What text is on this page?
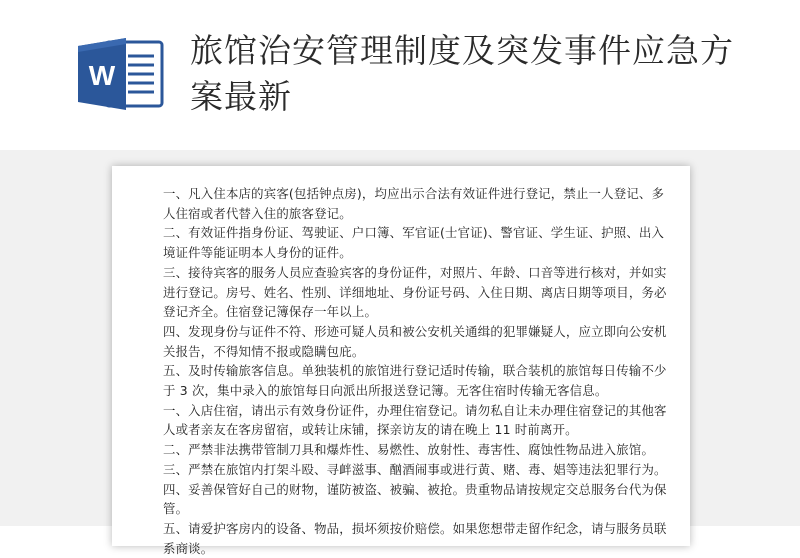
W
旅馆治安管理制度及突发事件应急方案最新

一、凡入住本店的宾客(包括钟点房)，均应出示合法有效证件进行登记，禁止一人登记、多人住宿或者代替入住的旅客登记。

二、有效证件指身份证、驾驶证、户口簿、军官证(士官证)、警官证、学生证、护照、出入境证件等能证明本人身份的证件。

三、接待宾客的服务人员应查验宾客的身份证件，对照片、年龄、口音等进行核对，并如实进行登记。房号、姓名、性别、详细地址、身份证号码、入住日期、离店日期等项目，务必登记齐全。住宿登记簿保存一年以上。

四、发现身份与证件不符、形迹可疑人员和被公安机关通缉的犯罪嫌疑人，应立即向公安机关报告，不得知情不报或隐瞒包庇。

五、及时传输旅客信息。单独装机的旅馆进行登记适时传输，联合装机的旅馆每日传输不少于 3 次，集中录入的旅馆每日向派出所报送登记簿。无客住宿时传输无客信息。

一、入店住宿，请出示有效身份证件，办理住宿登记。请勿私自让未办理住宿登记的其他客人或者亲友在客房留宿，或转让床铺，探亲访友的请在晚上 11 时前离开。

二、严禁非法携带管制刀具和爆炸性、易燃性、放射性、毒害性、腐蚀性物品进入旅馆。

三、严禁在旅馆内打架斗殴、寻衅滋事、酗酒闹事或进行黄、赌、毒、娼等违法犯罪行为。

四、妥善保管好自己的财物，谨防被盗、被骗、被抢。贵重物品请按规定交总服务台代为保管。

五、请爱护客房内的设备、物品，损坏须按价赔偿。如果您想带走留作纪念，请与服务员联系商谈。
